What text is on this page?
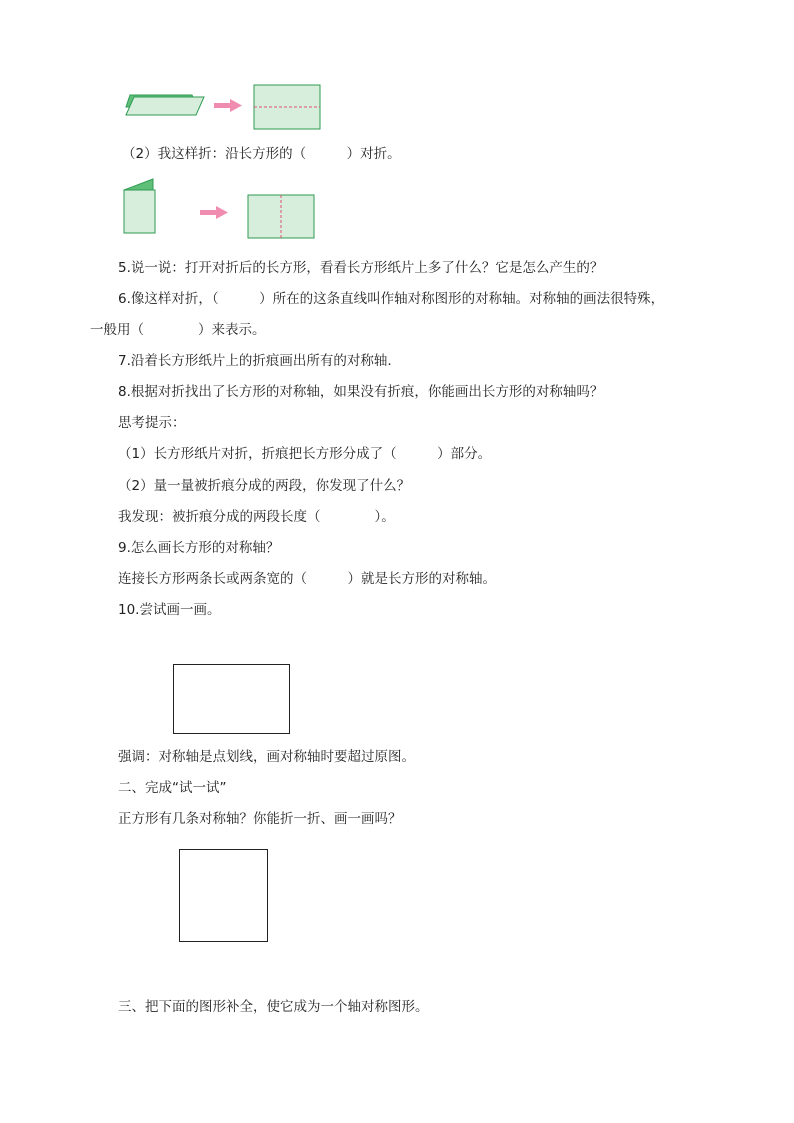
（2）我这样折：沿长方形的（　　　）对折。
5.说一说：打开对折后的长方形，看看长方形纸片上多了什么？它是怎么产生的？
6.像这样对折，（　　　）所在的这条直线叫作轴对称图形的对称轴。对称轴的画法很特殊，
一般用（　　　　）来表示。
7.沿着长方形纸片上的折痕画出所有的对称轴.
8.根据对折找出了长方形的对称轴，如果没有折痕，你能画出长方形的对称轴吗？
思考提示：
（1）长方形纸片对折，折痕把长方形分成了（　　　）部分。
（2）量一量被折痕分成的两段，你发现了什么？
我发现：被折痕分成的两段长度（　　　　）。
9.怎么画长方形的对称轴？
连接长方形两条长或两条宽的（　　　）就是长方形的对称轴。
10.尝试画一画。
强调：对称轴是点划线，画对称轴时要超过原图。
二、完成“试一试”
正方形有几条对称轴？你能折一折、画一画吗？
三、把下面的图形补全，使它成为一个轴对称图形。
